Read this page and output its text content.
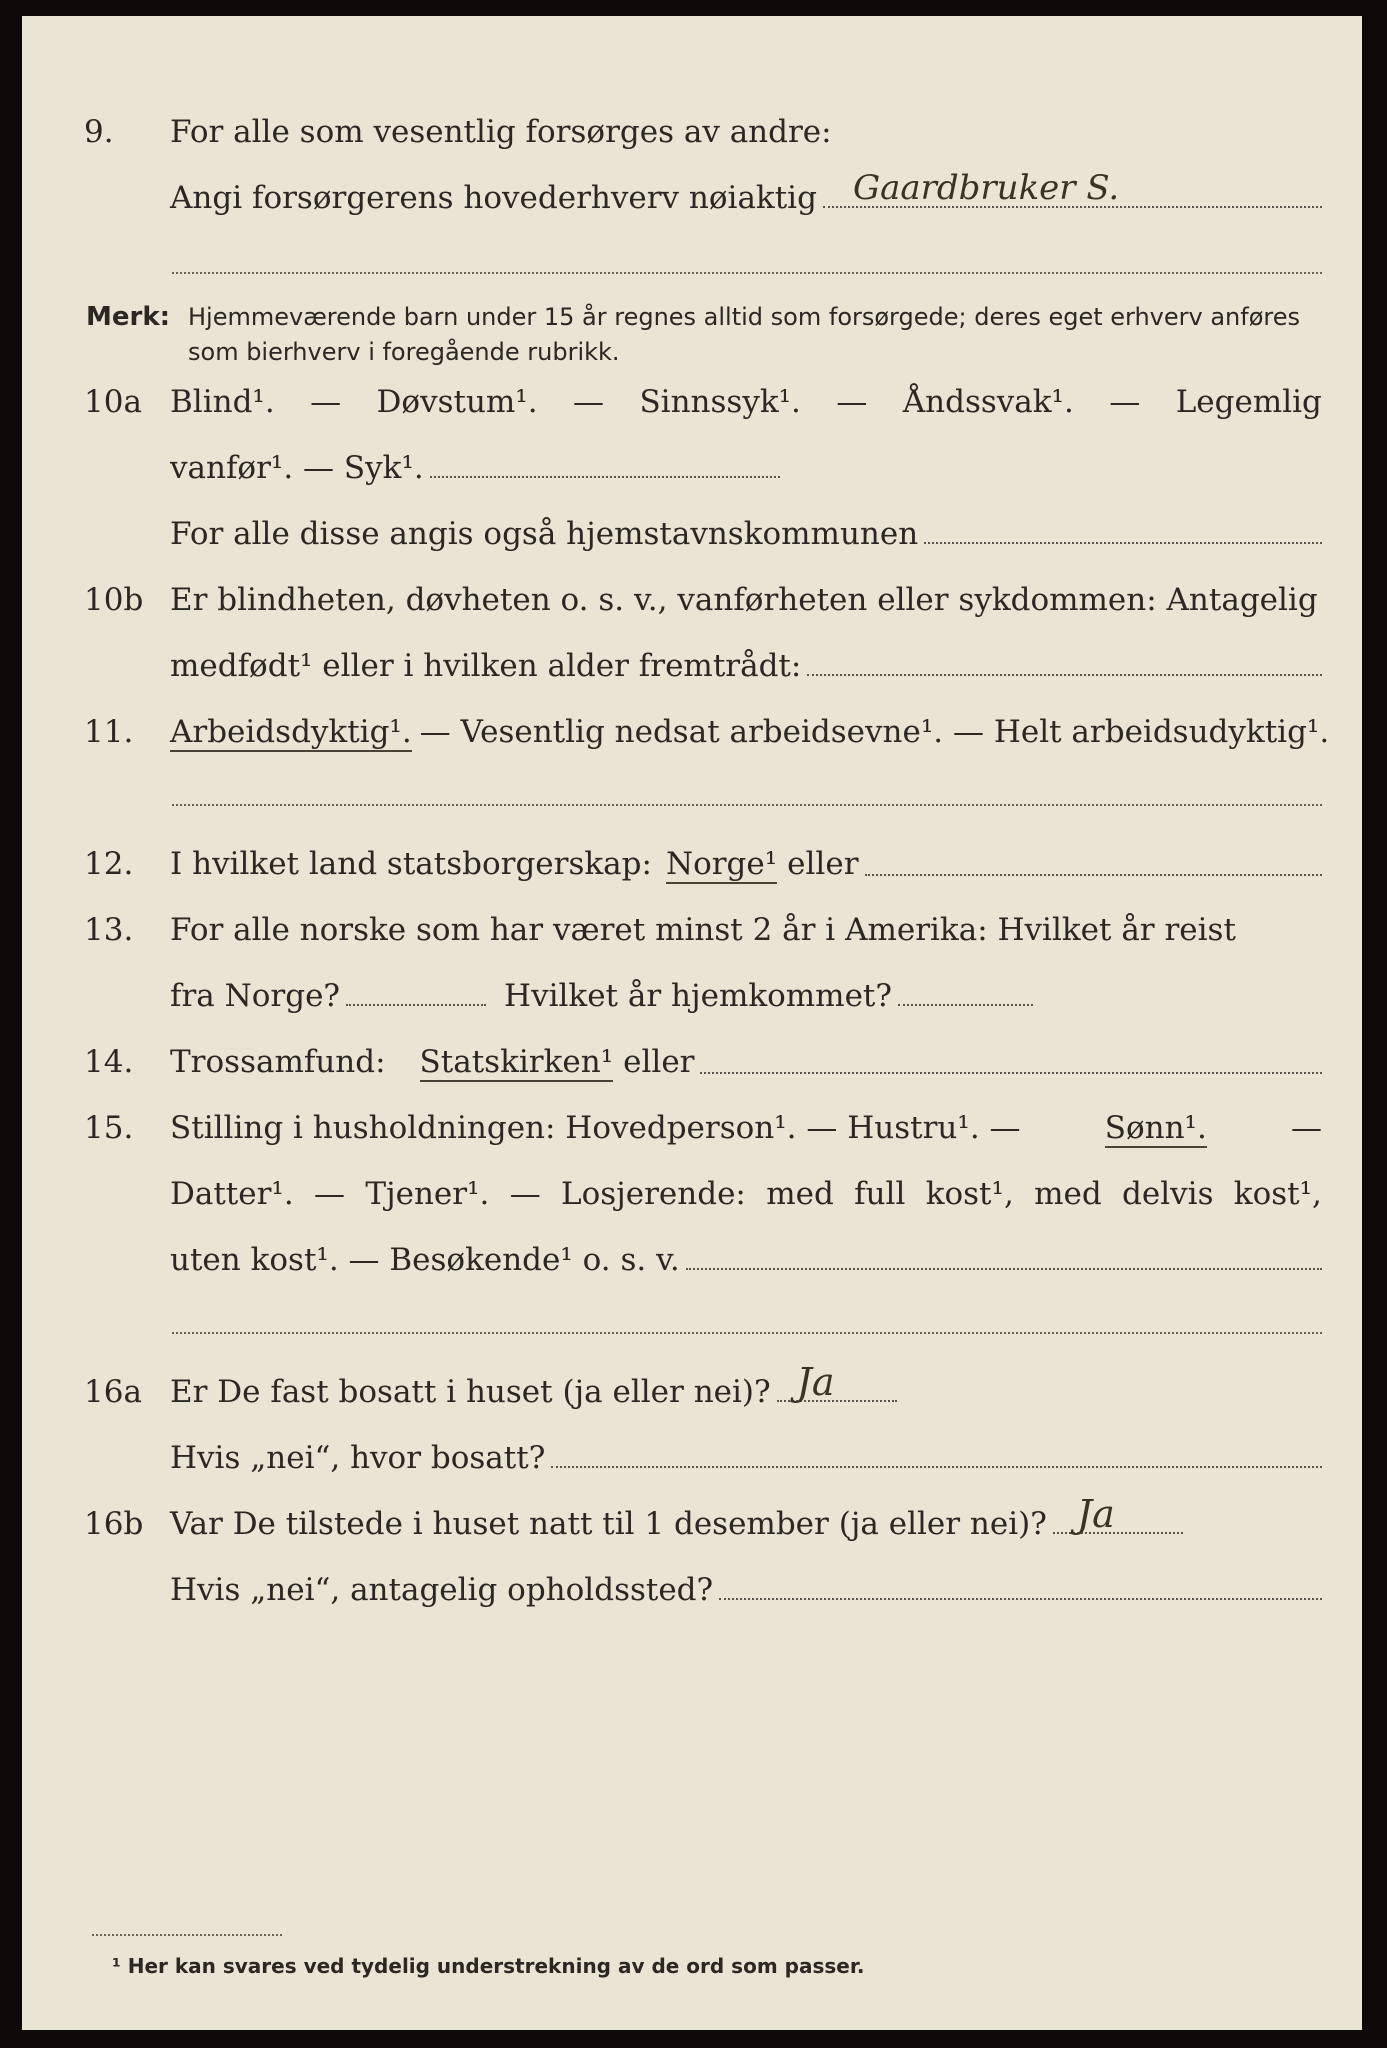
9.	For alle som vesentlig forsørges av andre:
Angi forsørgerens hovederhverv nøiaktig Gaardbruker S.
Merk: Hjemmeværende barn under 15 år regnes alltid som forsørgede; deres eget erhverv anføres som bierhverv i foregående rubrikk.
10a Blind¹. — Døvstum¹. — Sinnssyk¹. — Åndssvak¹. — Legemlig
vanfør¹. — Syk¹.
For alle disse angis også hjemstavnskommunen
10b Er blindheten, døvheten o. s. v., vanførheten eller sykdommen: Antagelig
medfødt¹ eller i hvilken alder fremtrådt:
11.	Arbeidsdyktig¹. — Vesentlig nedsat arbeidsevne¹. — Helt arbeidsudyktig¹.
12.	I hvilket land statsborgerskap: Norge¹ eller
13.	For alle norske som har været minst 2 år i Amerika: Hvilket år reist
fra Norge?	Hvilket år hjemkommet?
14.	Trossamfund: Statskirken¹ eller
15.	Stilling i husholdningen: Hovedperson¹. — Hustru¹. —	Sønn¹.	—
Datter¹. — Tjener¹. — Losjerende: med full kost¹, med delvis kost¹,
uten kost¹. — Besøkende¹ o. s. v.
16a Er De fast bosatt i huset (ja eller nei)? Ja
Hvis „nei“, hvor bosatt?
16b Var De tilstede i huset natt til 1 desember (ja eller nei)? Ja
Hvis „nei“, antagelig opholdssted?
¹ Her kan svares ved tydelig understrekning av de ord som passer.
